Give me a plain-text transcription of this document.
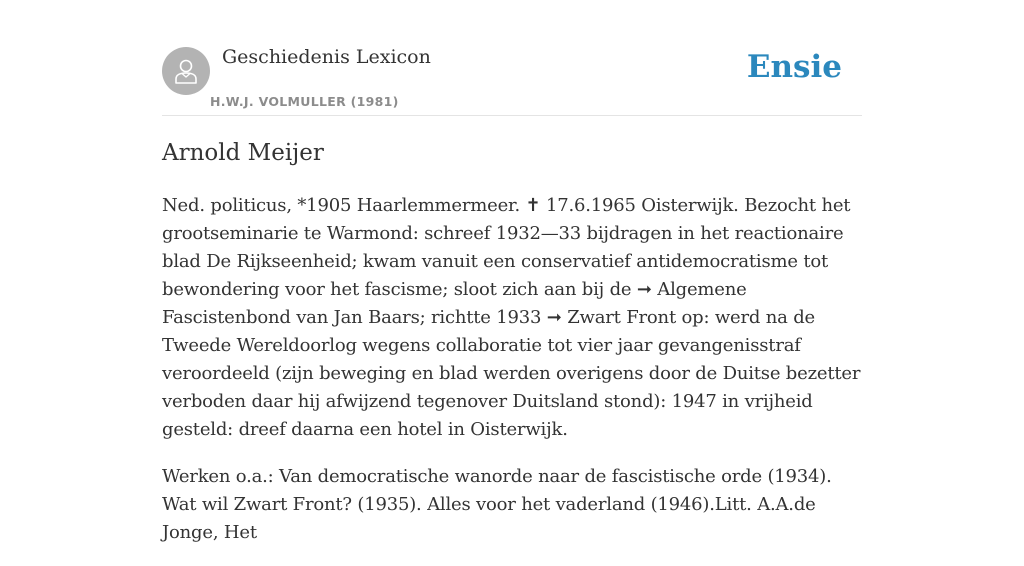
Geschiedenis Lexicon
H.W.J. VOLMULLER (1981)
Ensie
Arnold Meijer

Ned. politicus, *1905 Haarlemmermeer. ✝ 17.6.1965 Oisterwijk. Bezocht het grootseminarie te Warmond: schreef 1932—33 bijdragen in het reactionaire blad De Rijkseenheid; kwam vanuit een conservatief antidemocratisme tot bewondering voor het fascisme; sloot zich aan bij de ➞ Algemene Fascistenbond van Jan Baars; richtte 1933 ➞ Zwart Front op: werd na de Tweede Wereldoorlog wegens collaboratie tot vier jaar gevangenisstraf veroordeeld (zijn beweging en blad werden overigens door de Duitse bezetter verboden daar hij afwijzend tegenover Duitsland stond): 1947 in vrijheid gesteld: dreef daarna een hotel in Oisterwijk.

Werken o.a.: Van democratische wanorde naar de fascistische orde (1934). Wat wil Zwart Front? (1935). Alles voor het vaderland (1946).Litt. A.A.de Jonge, Het
